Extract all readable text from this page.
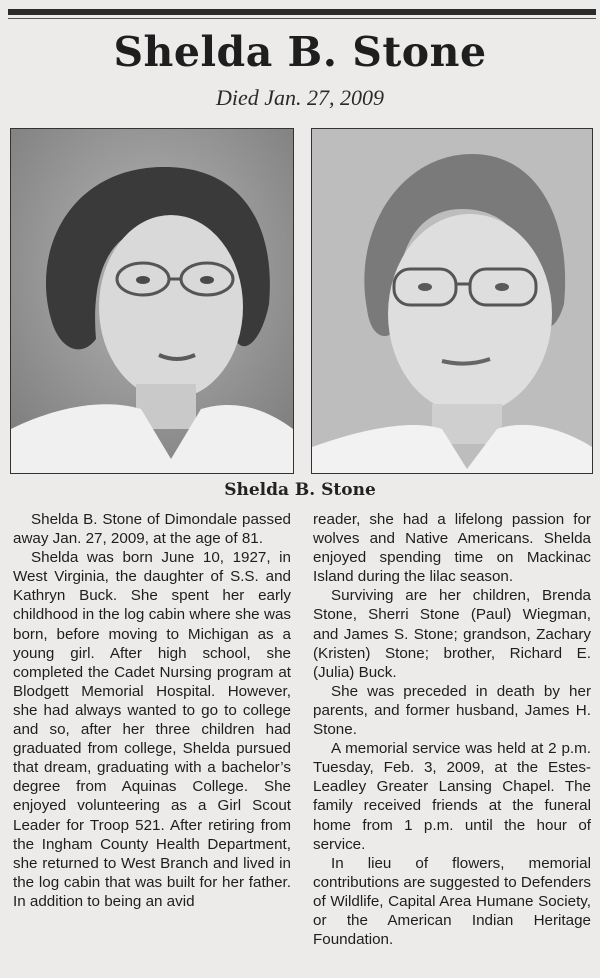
Shelda B. Stone
Died Jan. 27, 2009
Shelda B. Stone

Shelda B. Stone of Dimondale passed away Jan. 27, 2009, at the age of 81.

Shelda was born June 10, 1927, in West Virginia, the daughter of S.S. and Kathryn Buck. She spent her early childhood in the log cabin where she was born, before moving to Michigan as a young girl. After high school, she completed the Cadet Nursing program at Blodgett Memorial Hospital. However, she had always wanted to go to college and so, after her three children had graduated from college, Shelda pursued that dream, graduating with a bachelor’s degree from Aquinas College. She enjoyed volunteering as a Girl Scout Leader for Troop 521. After retiring from the Ingham County Health Department, she returned to West Branch and lived in the log cabin that was built for her father. In addition to being an avid

reader, she had a lifelong passion for wolves and Native Americans. Shelda enjoyed spending time on Mackinac Island during the lilac season.

Surviving are her children, Brenda Stone, Sherri Stone (Paul) Wiegman, and James S. Stone; grandson, Zachary (Kristen) Stone; brother, Richard E. (Julia) Buck.

She was preceded in death by her parents, and former husband, James H. Stone.

A memorial service was held at 2 p.m. Tuesday, Feb. 3, 2009, at the Estes-Leadley Greater Lansing Chapel. The family received friends at the funeral home from 1 p.m. until the hour of service.

In lieu of flowers, memorial contributions are suggested to Defenders of Wildlife, Capital Area Humane Society, or the American Indian Heritage Foundation.
